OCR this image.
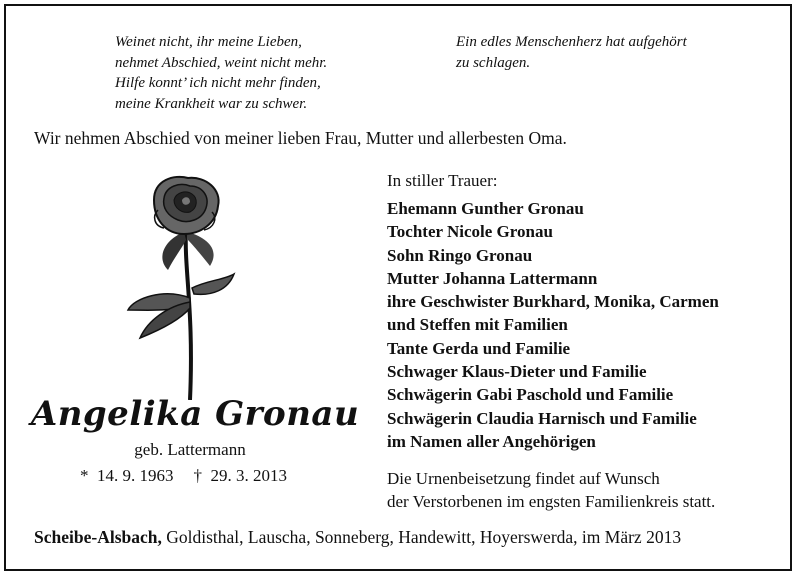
Weinet nicht, ihr meine Lieben,
nehmet Abschied, weint nicht mehr.
Hilfe konnt’ ich nicht mehr finden,
meine Krankheit war zu schwer.
Ein edles Menschenherz hat aufgehört
zu schlagen.
Wir nehmen Abschied von meiner lieben Frau, Mutter und allerbesten Oma.
Angelika Gronau
geb. Lattermann
*  14. 9. 1963 †  29. 3. 2013
In stiller Trauer:
Ehemann Gunther Gronau
Tochter Nicole Gronau
Sohn Ringo Gronau
Mutter Johanna Lattermann
ihre Geschwister Burkhard, Monika, Carmen
und Steffen mit Familien
Tante Gerda und Familie
Schwager Klaus-Dieter und Familie
Schwägerin Gabi Paschold und Familie
Schwägerin Claudia Harnisch und Familie
im Namen aller Angehörigen
Die Urnenbeisetzung findet auf Wunsch
der Verstorbenen im engsten Familienkreis statt.
Scheibe-Alsbach, Goldisthal, Lauscha, Sonneberg, Handewitt, Hoyerswerda, im März 2013
